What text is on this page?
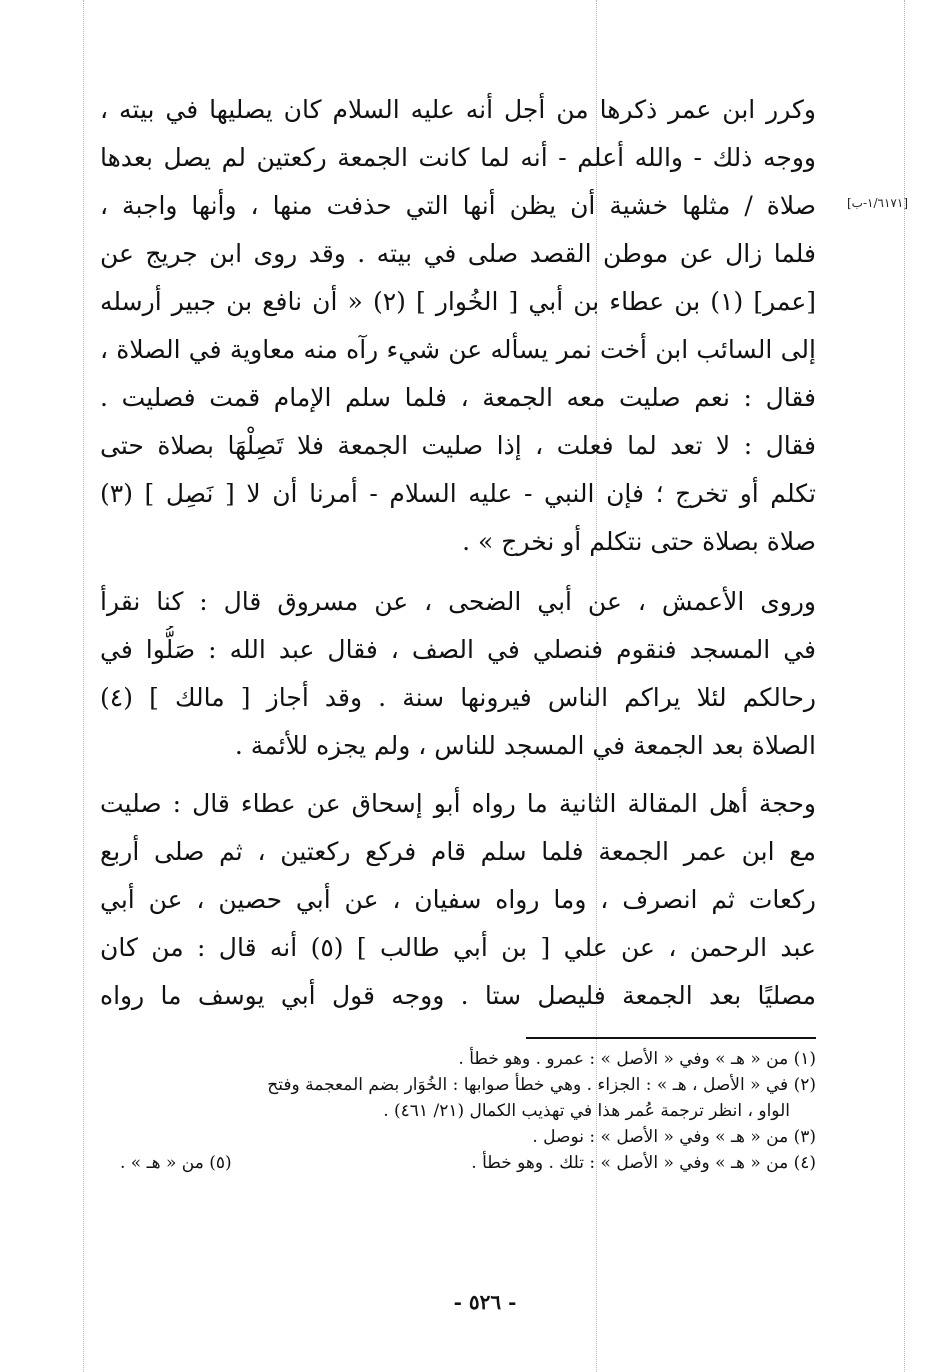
[١/٦١٧١-ب]
وكرر ابن عمر ذكرها من أجل أنه عليه السلام كان يصليها في بيته ،
ووجه ذلك - والله أعلم - أنه لما كانت الجمعة ركعتين لم يصل بعدها
صلاة / مثلها خشية أن يظن أنها التي حذفت منها ، وأنها واجبة ،
فلما زال عن موطن القصد صلى في بيته . وقد روى ابن جريج عن
[عمر] (١) بن عطاء بن أبي [ الخُوار ] (٢) « أن نافع بن جبير أرسله
إلى السائب ابن أخت نمر يسأله عن شيء رآه منه معاوية في الصلاة ،
فقال : نعم صليت معه الجمعة ، فلما سلم الإمام قمت فصليت .
فقال : لا تعد لما فعلت ، إذا صليت الجمعة فلا تَصِلْهَا بصلاة حتى
تكلم أو تخرج ؛ فإن النبي - عليه السلام - أمرنا أن لا [ نَصِل ] (٣)
صلاة بصلاة حتى نتكلم أو نخرج » .
وروى الأعمش ، عن أبي الضحى ، عن مسروق قال : كنا نقرأ
في المسجد فنقوم فنصلي في الصف ، فقال عبد الله : صَلُّوا في
رحالكم لئلا يراكم الناس فيرونها سنة . وقد أجاز [ مالك ] (٤)
الصلاة بعد الجمعة في المسجد للناس ، ولم يجزه للأئمة .
وحجة أهل المقالة الثانية ما رواه أبو إسحاق عن عطاء قال : صليت
مع ابن عمر الجمعة فلما سلم قام فركع ركعتين ، ثم صلى أربع
ركعات ثم انصرف ، وما رواه سفيان ، عن أبي حصين ، عن أبي
عبد الرحمن ، عن علي [ بن أبي طالب ] (٥) أنه قال : من كان
مصليًا بعد الجمعة فليصل ستا . ووجه قول أبي يوسف ما رواه
(١) من « هـ » وفي « الأصل » : عمرو . وهو خطأ .
(٢) في « الأصل ، هـ » : الجزاء . وهي خطأ صوابها : الخُوَار بضم المعجمة وفتح
الواو ، انظر ترجمة عُمر هذا في تهذيب الكمال (٢١/ ٤٦١) .
(٣) من « هـ » وفي « الأصل » : نوصل .
(٤) من « هـ » وفي « الأصل » : تلك . وهو خطأ .
(٥) من « هـ » .
- ٥٢٦ -
